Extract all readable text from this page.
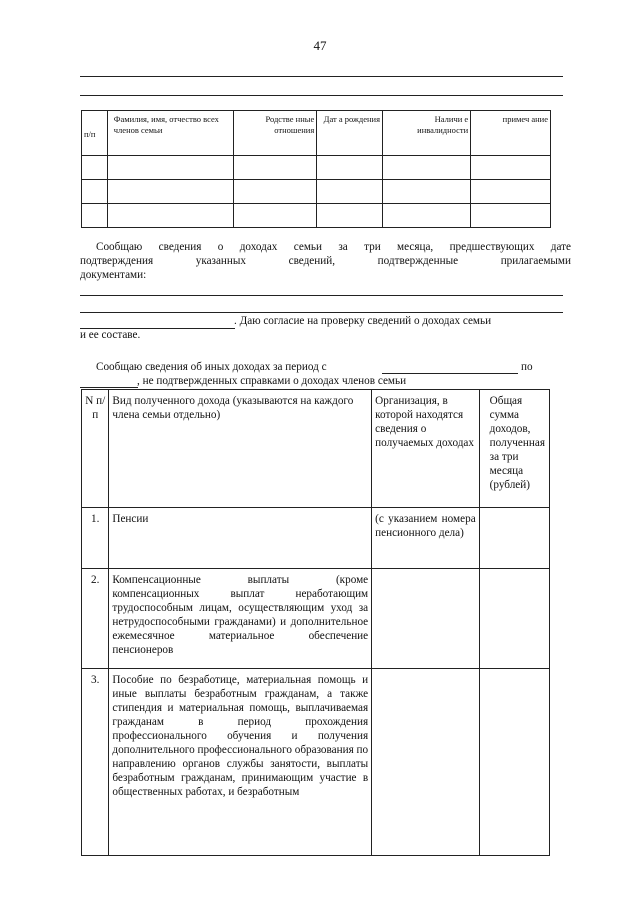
47
п/п	Фамилия, имя, отчество всех членов семьи	Родстве нные отношения	Дат а рождения	Наличи е инвалидности	примеч ание

Сообщаю сведения о доходах семьи за три месяца, предшествующих дате
подтверждения указанных сведений, подтвержденные прилагаемыми
документами:
. Даю согласие на проверку сведений о доходах семьи
и ее составе.
Сообщаю сведения об иных доходах за период с	по
, не подтвержденных справками о доходах членов семьи
N п/п	Вид полученного дохода (указываются на каждого члена семьи отдельно)	Организация, в которой находятся сведения о получаемых доходах	Общая сумма доходов, полученная за три месяца (рублей)
1.	Пенсии	(с указанием номера пенсионного дела)	
2.	Компенсационные выплаты (кроме компенсационных выплат неработающим трудоспособным лицам, осуществляющим уход за нетрудоспособными гражданами) и дополнительное ежемесячное материальное обеспечение пенсионеров		
3.	Пособие по безработице, материальная помощь и иные выплаты безработным гражданам, а также стипендия и материальная помощь, выплачиваемая гражданам в период прохождения профессионального обучения и получения дополнительного профессионального образования по направлению органов службы занятости, выплаты безработным гражданам, принимающим участие в общественных работах, и безработным		
